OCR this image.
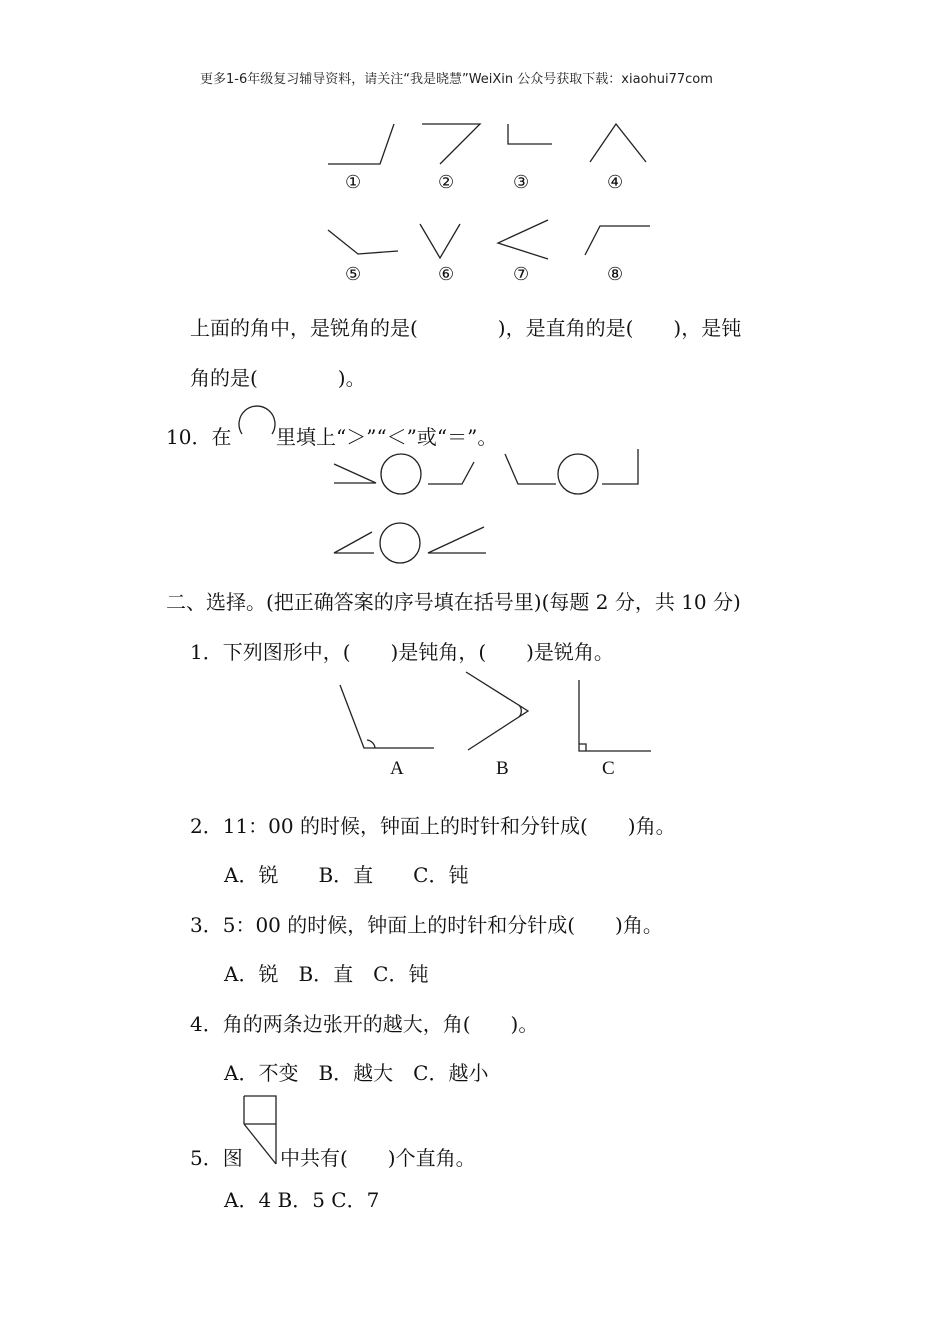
更多1-6年级复习辅导资料，请关注“我是晓慧”WeiXin 公众号获取下载：xiaohui77com
①	②	③	④
⑤	⑥	⑦	⑧
上面的角中，是锐角的是(　　　　)，是直角的是(　　)，是钝
角的是(　　　　)。
10．在 里填上“＞”“＜”或“＝”。
二、选择。(把正确答案的序号填在括号里)(每题 2 分，共 10 分)
1．下列图形中，(　　)是钝角，(　　)是锐角。
A	B	C
2．11：00 的时候，钟面上的时针和分针成(　　)角。
A．锐　　B．直　　C．钝
3．5：00 的时候，钟面上的时针和分针成(　　)角。
A．锐　B．直　C．钝
4．角的两条边张开的越大，角(　　)。
A．不变　B．越大　C．越小
5．图 中共有(　　)个直角。
A．4 B．5 C．7
